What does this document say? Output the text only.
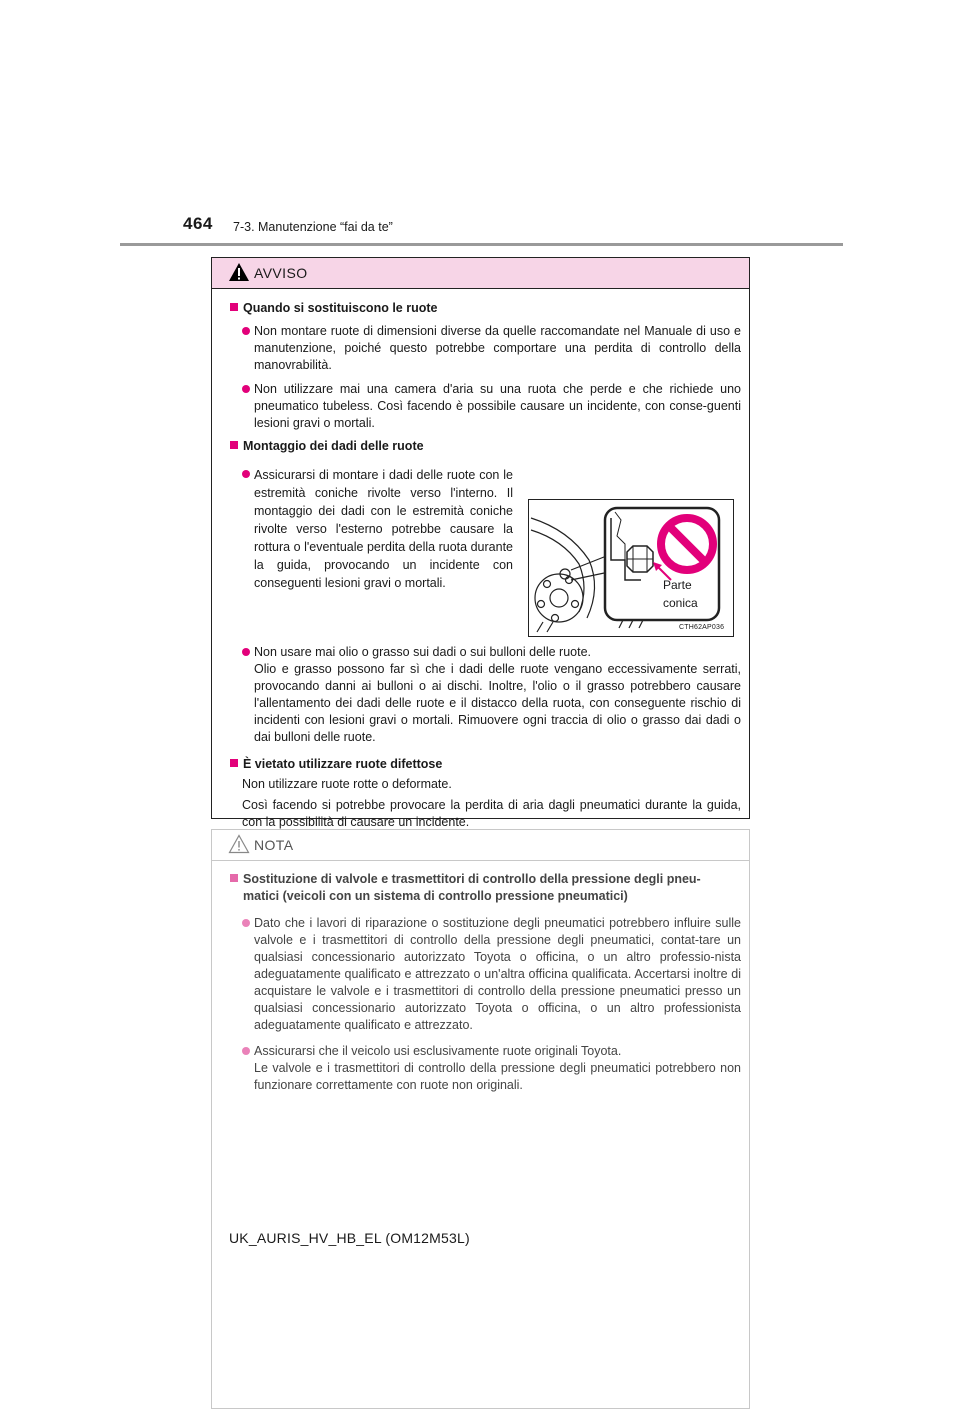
464 7-3. Manutenzione “fai da te”
AVVISO
Quando si sostituiscono le ruote
Non montare ruote di dimensioni diverse da quelle raccomandate nel Manuale di uso e manutenzione, poiché questo potrebbe comportare una perdita di controllo della manovrabilità.
Non utilizzare mai una camera d'aria su una ruota che perde e che richiede uno pneumatico tubeless. Così facendo è possibile causare un incidente, con conse-guenti lesioni gravi o mortali.
Montaggio dei dadi delle ruote
Assicurarsi di montare i dadi delle ruote con le estremità coniche rivolte verso l'interno. Il montaggio dei dadi con le estremità coniche rivolte verso l'esterno potrebbe causare la rottura o l'eventuale perdita della ruota durante la guida, provocando un incidente con conseguenti lesioni gravi o mortali.	Parte
conica
CTH62AP036
Non usare mai olio o grasso sui dadi o sui bulloni delle ruote.
Olio e grasso possono far sì che i dadi delle ruote vengano eccessivamente serrati, provocando danni ai bulloni o ai dischi. Inoltre, l'olio o il grasso potrebbero causare l'allentamento dei dadi delle ruote e il distacco della ruota, con conseguente rischio di incidenti con lesioni gravi o mortali. Rimuovere ogni traccia di olio o grasso dai dadi o dai bulloni delle ruote.
È vietato utilizzare ruote difettose
Non utilizzare ruote rotte o deformate.
Così facendo si potrebbe provocare la perdita di aria dagli pneumatici durante la guida, con la possibilità di causare un incidente.
NOTA
Sostituzione di valvole e trasmettitori di controllo della pressione degli pneu-
matici (veicoli con un sistema di controllo pressione pneumatici)
Dato che i lavori di riparazione o sostituzione degli pneumatici potrebbero influire sulle valvole e i trasmettitori di controllo della pressione degli pneumatici, contat-tare un qualsiasi concessionario autorizzato Toyota o officina, o un altro professio-nista adeguatamente qualificato e attrezzato o un'altra officina qualificata. Accertarsi inoltre di acquistare le valvole e i trasmettitori di controllo della pressione pneumatici presso un qualsiasi concessionario autorizzato Toyota o officina, o un altro professionista adeguatamente qualificato e attrezzato.
Assicurarsi che il veicolo usi esclusivamente ruote originali Toyota.
Le valvole e i trasmettitori di controllo della pressione degli pneumatici potrebbero non funzionare correttamente con ruote non originali.
UK_AURIS_HV_HB_EL (OM12M53L)
